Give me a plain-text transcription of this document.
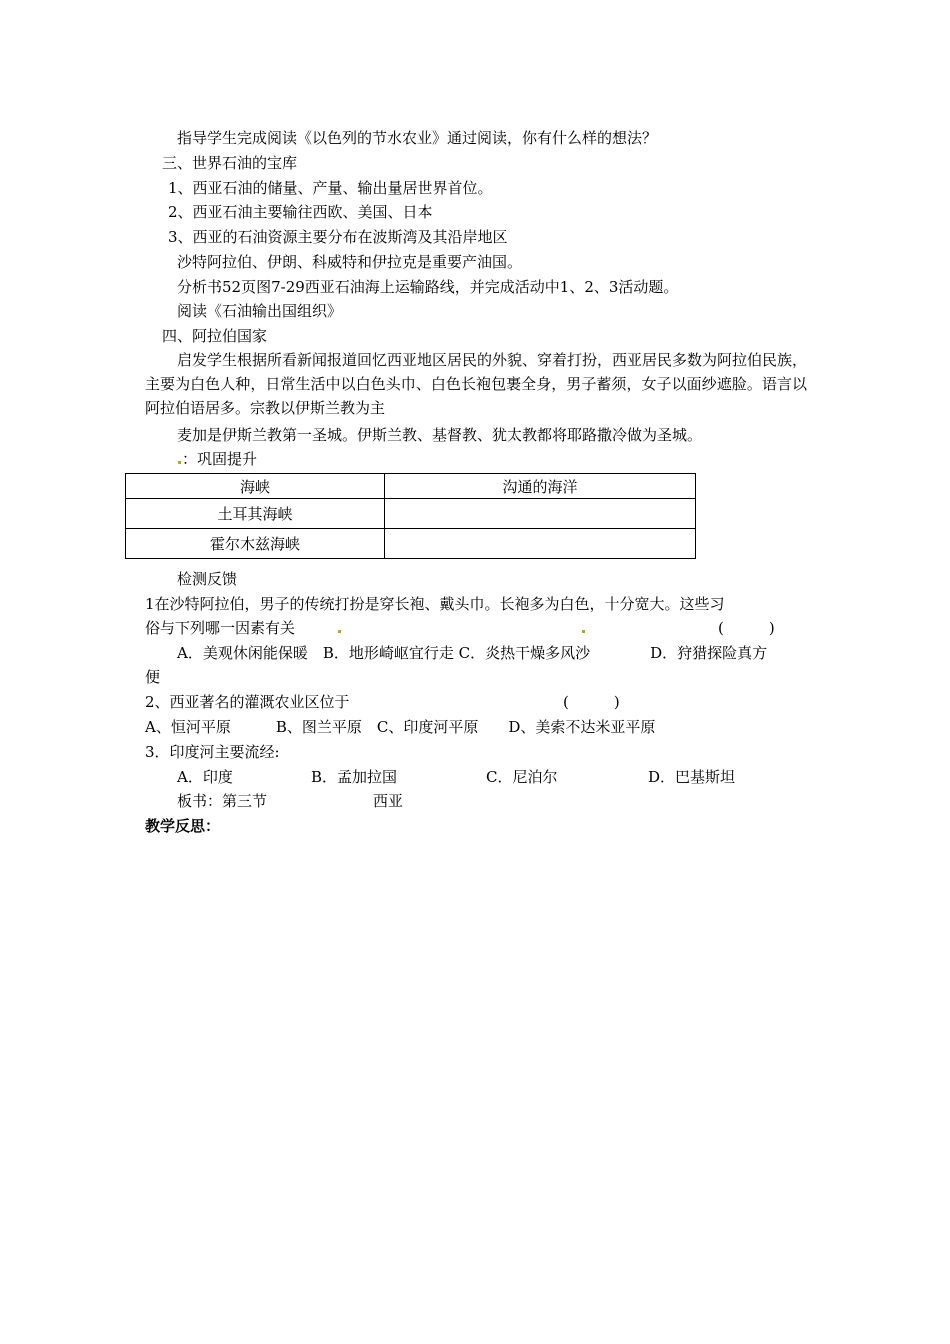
指导学生完成阅读《以色列的节水农业》通过阅读，你有什么样的想法？
三、世界石油的宝库
1、西亚石油的储量、产量、输出量居世界首位。
2、西亚石油主要输往西欧、美国、日本
3、西亚的石油资源主要分布在波斯湾及其沿岸地区
沙特阿拉伯、伊朗、科威特和伊拉克是重要产油国。
分析书52页图7-29西亚石油海上运输路线，并完成活动中1、2、3活动题。
阅读《石油输出国组织》
四、阿拉伯国家
启发学生根据所看新闻报道回忆西亚地区居民的外貌、穿着打扮，西亚居民多数为阿拉伯民族，主要为白色人种，日常生活中以白色头巾、白色长袍包裹全身，男子蓄须，女子以面纱遮脸。语言以阿拉伯语居多。宗教以伊斯兰教为主
麦加是伊斯兰教第一圣城。伊斯兰教、基督教、犹太教都将耶路撒冷做为圣城。
：巩固提升
海峡	沟通的海洋
土耳其海峡	
霍尔木兹海峡	
检测反馈
1在沙特阿拉伯，男子的传统打扮是穿长袍、戴头巾。长袍多为白色，十分宽大。这些习
俗与下列哪一因素有关	(　　　)
A．美观休闲能保暖　B．地形崎岖宜行走 C．炎热干燥多风沙　　　　D．狩猎探险真方
便
2、西亚著名的灌溉农业区位于	(　　　)
A、恒河平原　　　B、图兰平原　C、印度河平原　　D、美索不达米亚平原
3．印度河主要流经:
A．印度	B．孟加拉国	C．尼泊尔	D．巴基斯坦
板书：第三节	西亚
教学反思：
